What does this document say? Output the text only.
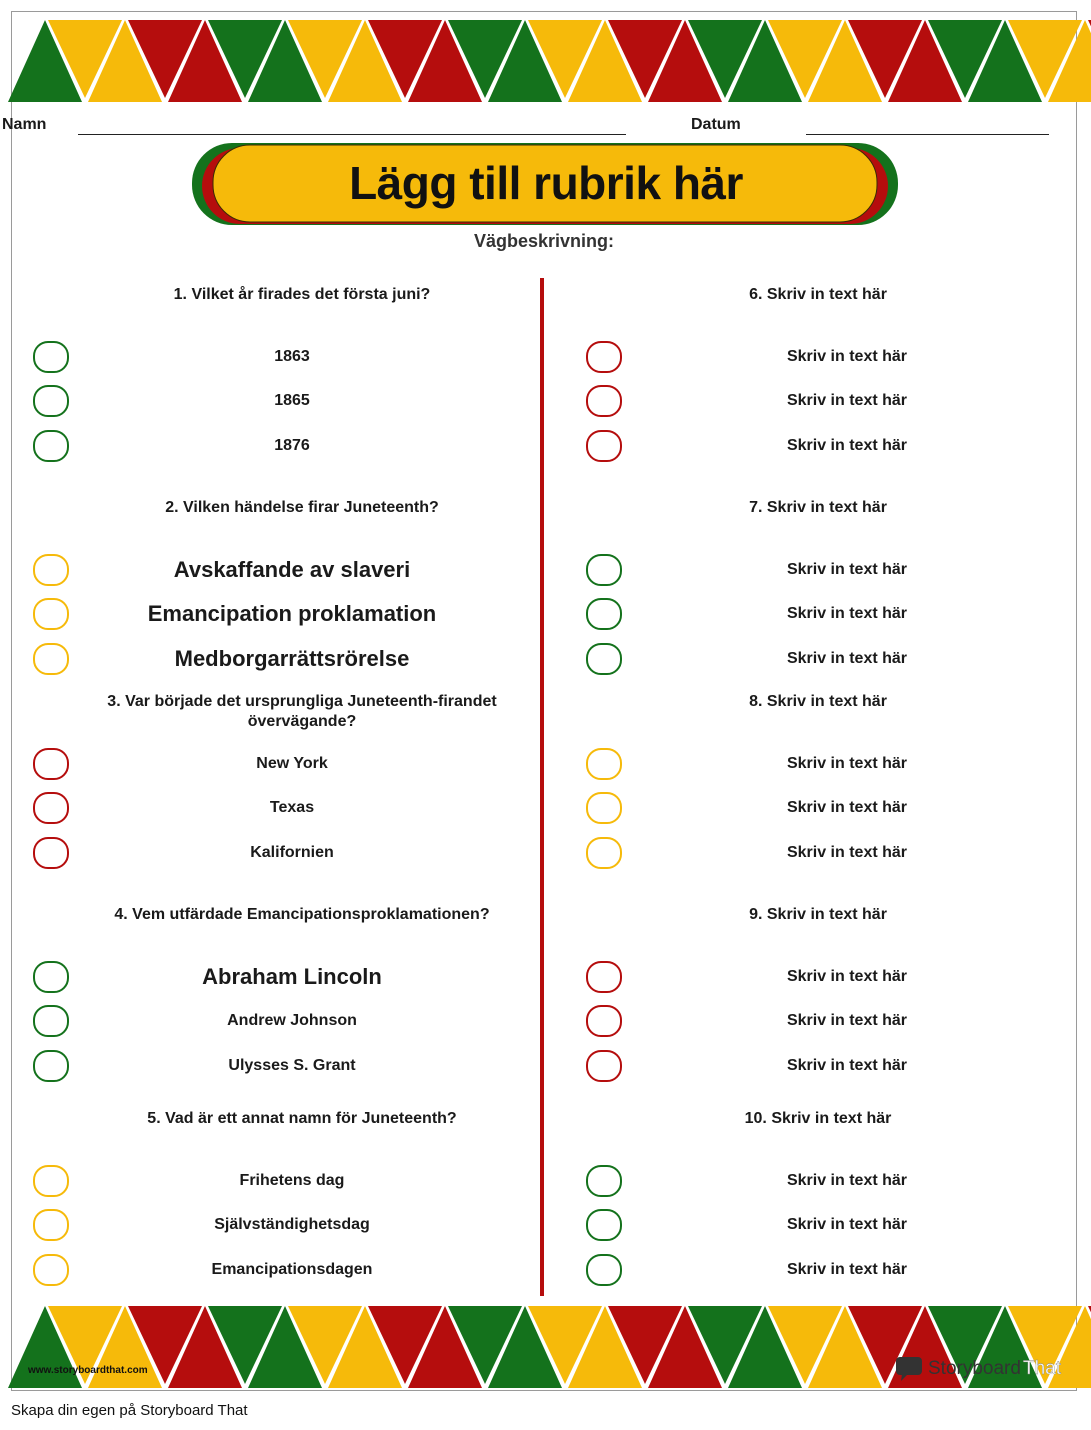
Namn	Datum
Lägg till rubrik här
Vägbeskrivning:
1. Vilket år firades det första juni?
1863
1865
1876
2. Vilken händelse firar Juneteenth?
Avskaffande av slaveri
Emancipation proklamation
Medborgarrättsrörelse
3. Var började det ursprungliga Juneteenth-firandet övervägande?
New York
Texas
Kalifornien
4. Vem utfärdade Emancipationsproklamationen?
Abraham Lincoln
Andrew Johnson
Ulysses S. Grant
5. Vad är ett annat namn för Juneteenth?
Frihetens dag
Självständighetsdag
Emancipationsdagen
6. Skriv in text här
Skriv in text här
Skriv in text här
Skriv in text här
7. Skriv in text här
Skriv in text här
Skriv in text här
Skriv in text här
8. Skriv in text här
Skriv in text här
Skriv in text här
Skriv in text här
9. Skriv in text här
Skriv in text här
Skriv in text här
Skriv in text här
10. Skriv in text här
Skriv in text här
Skriv in text här
Skriv in text här
www.storyboardthat.com	Storyboard That
Skapa din egen på Storyboard That
